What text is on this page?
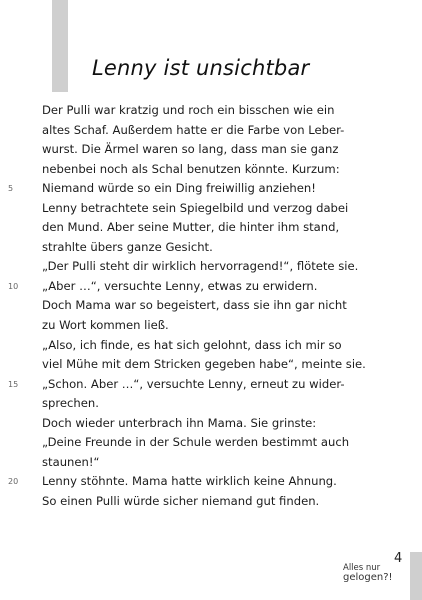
Lenny ist unsichtbar
Der Pulli war kratzig und roch ein bisschen wie ein
altes Schaf. Außerdem hatte er die Farbe von Leber-
wurst. Die Ärmel waren so lang, dass man sie ganz
nebenbei noch als Schal benutzen könnte. Kurzum:
5	Niemand würde so ein Ding freiwillig anziehen!
Lenny betrachtete sein Spiegelbild und verzog dabei
den Mund. Aber seine Mutter, die hinter ihm stand,
strahlte übers ganze Gesicht.
„Der Pulli steht dir wirklich hervorragend!“, flötete sie.
10	„Aber …“, versuchte Lenny, etwas zu erwidern.
Doch Mama war so begeistert, dass sie ihn gar nicht
zu Wort kommen ließ.
„Also, ich finde, es hat sich gelohnt, dass ich mir so
viel Mühe mit dem Stricken gegeben habe“, meinte sie.
15	„Schon. Aber …“, versuchte Lenny, erneut zu wider-
sprechen.
Doch wieder unterbrach ihn Mama. Sie grinste:
„Deine Freunde in der Schule werden bestimmt auch
staunen!“
20	Lenny stöhnte. Mama hatte wirklich keine Ahnung.
So einen Pulli würde sicher niemand gut finden.
Alles nur
gelogen?!
4
